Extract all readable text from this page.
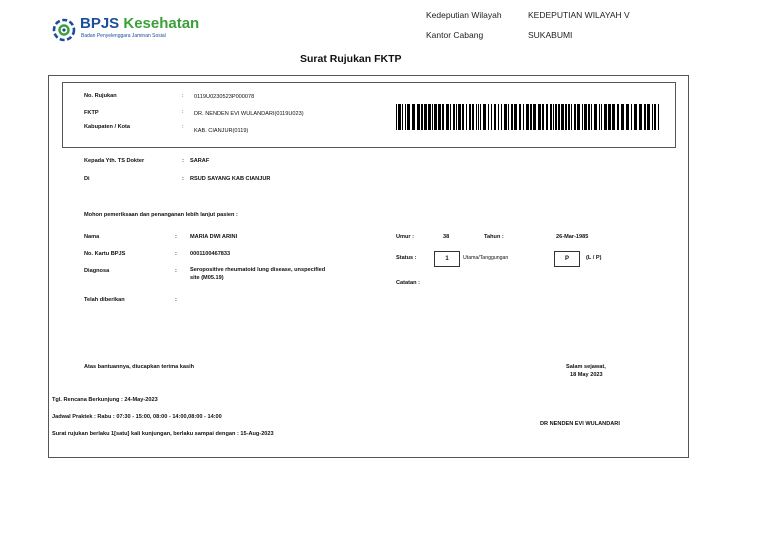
BPJS Kesehatan
Badan Penyelenggara Jaminan Sosial
Kedeputian Wilayah	KEDEPUTIAN WILAYAH V
Kantor Cabang	SUKABUMI
Surat Rujukan FKTP
No. Rujukan	: 0119U0230523P000078
FKTP	: DR. NENDEN EVI WULANDARI(0119U023)
Kabupaten / Kota	:
KAB. CIANJUR(0119)
Kepada Yth. TS Dokter	: SARAF
Di	: RSUD SAYANG KAB CIANJUR
Mohon pemeriksaan dan penanganan lebih lanjut pasien :
Nama	: MARIA DWI ARINI
No. Kartu BPJS	: 0001100467833
Diagnosa	: Seropositive rheumatoid lung disease, unspecified
site (M05.19)
Telah diberikan	:
Umur :	38	Tahun :	26-Mar-1985
Status :	1	Utama/Tanggungan	P	(L / P)
Catatan :
Atas bantuannya, diucapkan terima kasih	Salam sejawat,
18 May 2023
DR NENDEN EVI WULANDARI
Tgl. Rencana Berkunjung : 24-May-2023
Jadwal Praktek : Rabu : 07:30 - 15:00, 08:00 - 14:00,08:00 - 14:00
Surat rujukan berlaku 1[satu] kali kunjungan, berlaku sampai dengan : 15-Aug-2023
